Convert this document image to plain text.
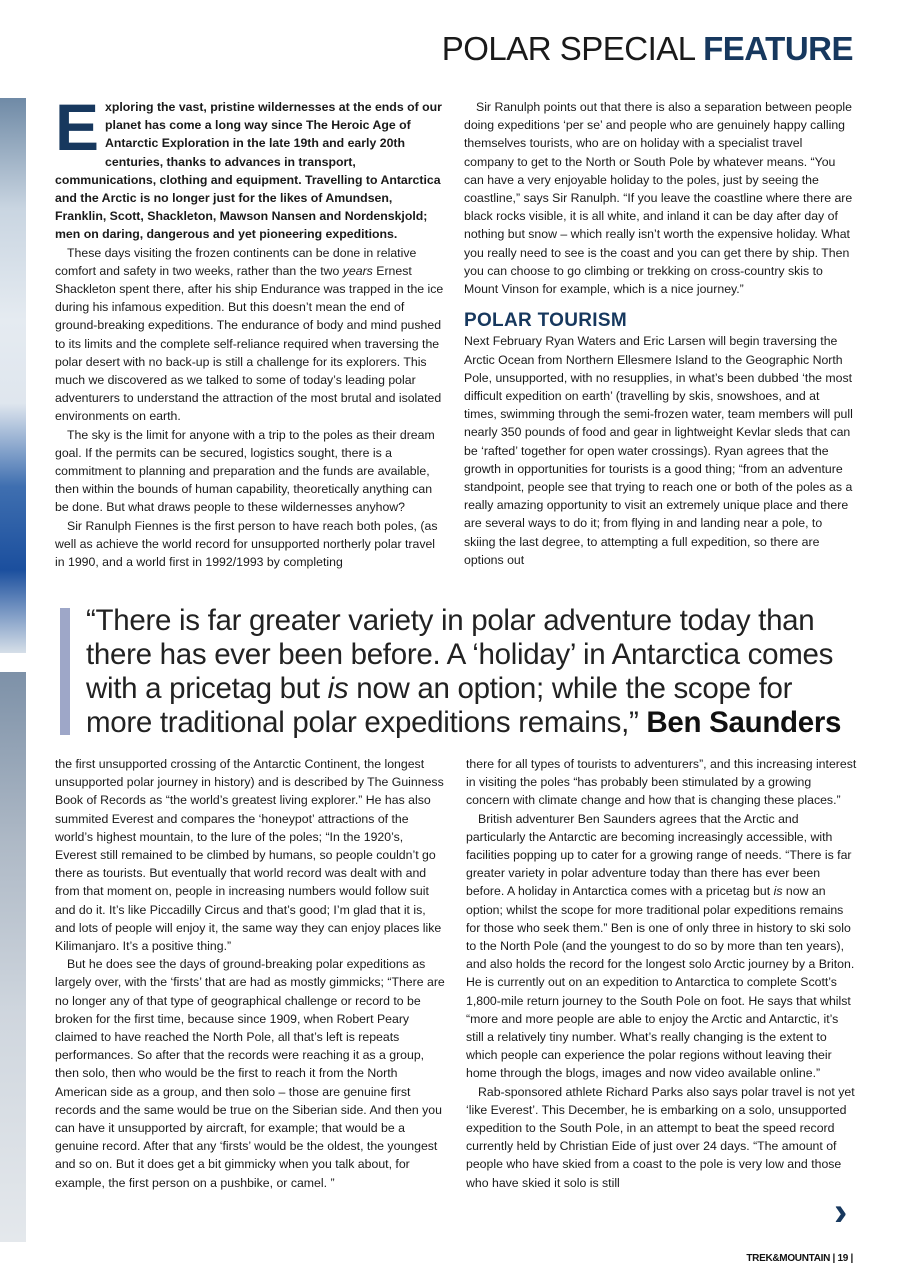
POLAR SPECIAL FEATURE

Exploring the vast, pristine wildernesses at the ends of our planet has come a long way since The Heroic Age of Antarctic Exploration in the late 19th and early 20th centuries, thanks to advances in transport, communications, clothing and equipment. Travelling to Antarctica and the Arctic is no longer just for the likes of Amundsen, Franklin, Scott, Shackleton, Mawson Nansen and Nordenskjold; men on daring, dangerous and yet pioneering expeditions.

These days visiting the frozen continents can be done in relative comfort and safety in two weeks, rather than the two years Ernest Shackleton spent there, after his ship Endurance was trapped in the ice during his infamous expedition. But this doesn’t mean the end of ground-breaking expeditions. The endurance of body and mind pushed to its limits and the complete self-reliance required when traversing the polar desert with no back-up is still a challenge for its explorers. This much we discovered as we talked to some of today’s leading polar adventurers to understand the attraction of the most brutal and isolated environments on earth.

The sky is the limit for anyone with a trip to the poles as their dream goal. If the permits can be secured, logistics sought, there is a commitment to planning and preparation and the funds are available, then within the bounds of human capability, theoretically anything can be done. But what draws people to these wildernesses anyhow?

Sir Ranulph Fiennes is the first person to have reach both poles, (as well as achieve the world record for unsupported northerly polar travel in 1990, and a world first in 1992/1993 by completing

Sir Ranulph points out that there is also a separation between people doing expeditions ‘per se’ and people who are genuinely happy calling themselves tourists, who are on holiday with a specialist travel company to get to the North or South Pole by whatever means. “You can have a very enjoyable holiday to the poles, just by seeing the coastline,” says Sir Ranulph. “If you leave the coastline where there are black rocks visible, it is all white, and inland it can be day after day of nothing but snow – which really isn’t worth the expensive holiday. What you really need to see is the coast and you can get there by ship. Then you can choose to go climbing or trekking on cross-country skis to Mount Vinson for example, which is a nice journey.”

POLAR TOURISM

Next February Ryan Waters and Eric Larsen will begin traversing the Arctic Ocean from Northern Ellesmere Island to the Geographic North Pole, unsupported, with no resupplies, in what’s been dubbed ‘the most difficult expedition on earth’ (travelling by skis, snowshoes, and at times, swimming through the semi-frozen water, team members will pull nearly 350 pounds of food and gear in lightweight Kevlar sleds that can be ‘rafted’ together for open water crossings). Ryan agrees that the growth in opportunities for tourists is a good thing; “from an adventure standpoint, people see that trying to reach one or both of the poles as a really amazing opportunity to visit an extremely unique place and there are several ways to do it; from flying in and landing near a pole, to skiing the last degree, to attempting a full expedition, so there are options out

“There is far greater variety in polar adventure today than there has ever been before. A ‘holiday’ in Antarctica comes with a pricetag but is now an option; while the scope for more traditional polar expeditions remains,” Ben Saunders

the first unsupported crossing of the Antarctic Continent, the longest unsupported polar journey in history) and is described by The Guinness Book of Records as “the world’s greatest living explorer.” He has also summited Everest and compares the ‘honeypot’ attractions of the world’s highest mountain, to the lure of the poles; “In the 1920’s, Everest still remained to be climbed by humans, so people couldn’t go there as tourists. But eventually that world record was dealt with and from that moment on, people in increasing numbers would follow suit and do it. It’s like Piccadilly Circus and that’s good; I’m glad that it is, and lots of people will enjoy it, the same way they can enjoy places like Kilimanjaro. It’s a positive thing.”

But he does see the days of ground-breaking polar expeditions as largely over, with the ‘firsts’ that are had as mostly gimmicks; “There are no longer any of that type of geographical challenge or record to be broken for the first time, because since 1909, when Robert Peary claimed to have reached the North Pole, all that’s left is repeats performances. So after that the records were reaching it as a group, then solo, then who would be the first to reach it from the North American side as a group, and then solo – those are genuine first records and the same would be true on the Siberian side. And then you can have it unsupported by aircraft, for example; that would be a genuine record. After that any ‘firsts’ would be the oldest, the youngest and so on. But it does get a bit gimmicky when you talk about, for example, the first person on a pushbike, or camel. ”

there for all types of tourists to adventurers”, and this increasing interest in visiting the poles “has probably been stimulated by a growing concern with climate change and how that is changing these places.”

British adventurer Ben Saunders agrees that the Arctic and particularly the Antarctic are becoming increasingly accessible, with facilities popping up to cater for a growing range of needs. “There is far greater variety in polar adventure today than there has ever been before. A holiday in Antarctica comes with a pricetag but is now an option; whilst the scope for more traditional polar expeditions remains for those who seek them.” Ben is one of only three in history to ski solo to the North Pole (and the youngest to do so by more than ten years), and also holds the record for the longest solo Arctic journey by a Briton. He is currently out on an expedition to Antarctica to complete Scott’s 1,800-mile return journey to the South Pole on foot. He says that whilst “more and more people are able to enjoy the Arctic and Antarctic, it’s still a relatively tiny number. What’s really changing is the extent to which people can experience the polar regions without leaving their home through the blogs, images and now video available online.”

Rab-sponsored athlete Richard Parks also says polar travel is not yet ‘like Everest’. This December, he is embarking on a solo, unsupported expedition to the South Pole, in an attempt to beat the speed record currently held by Christian Eide of just over 24 days. “The amount of people who have skied from a coast to the pole is very low and those who have skied it solo is still

›
TREK&MOUNTAIN | 19 |
